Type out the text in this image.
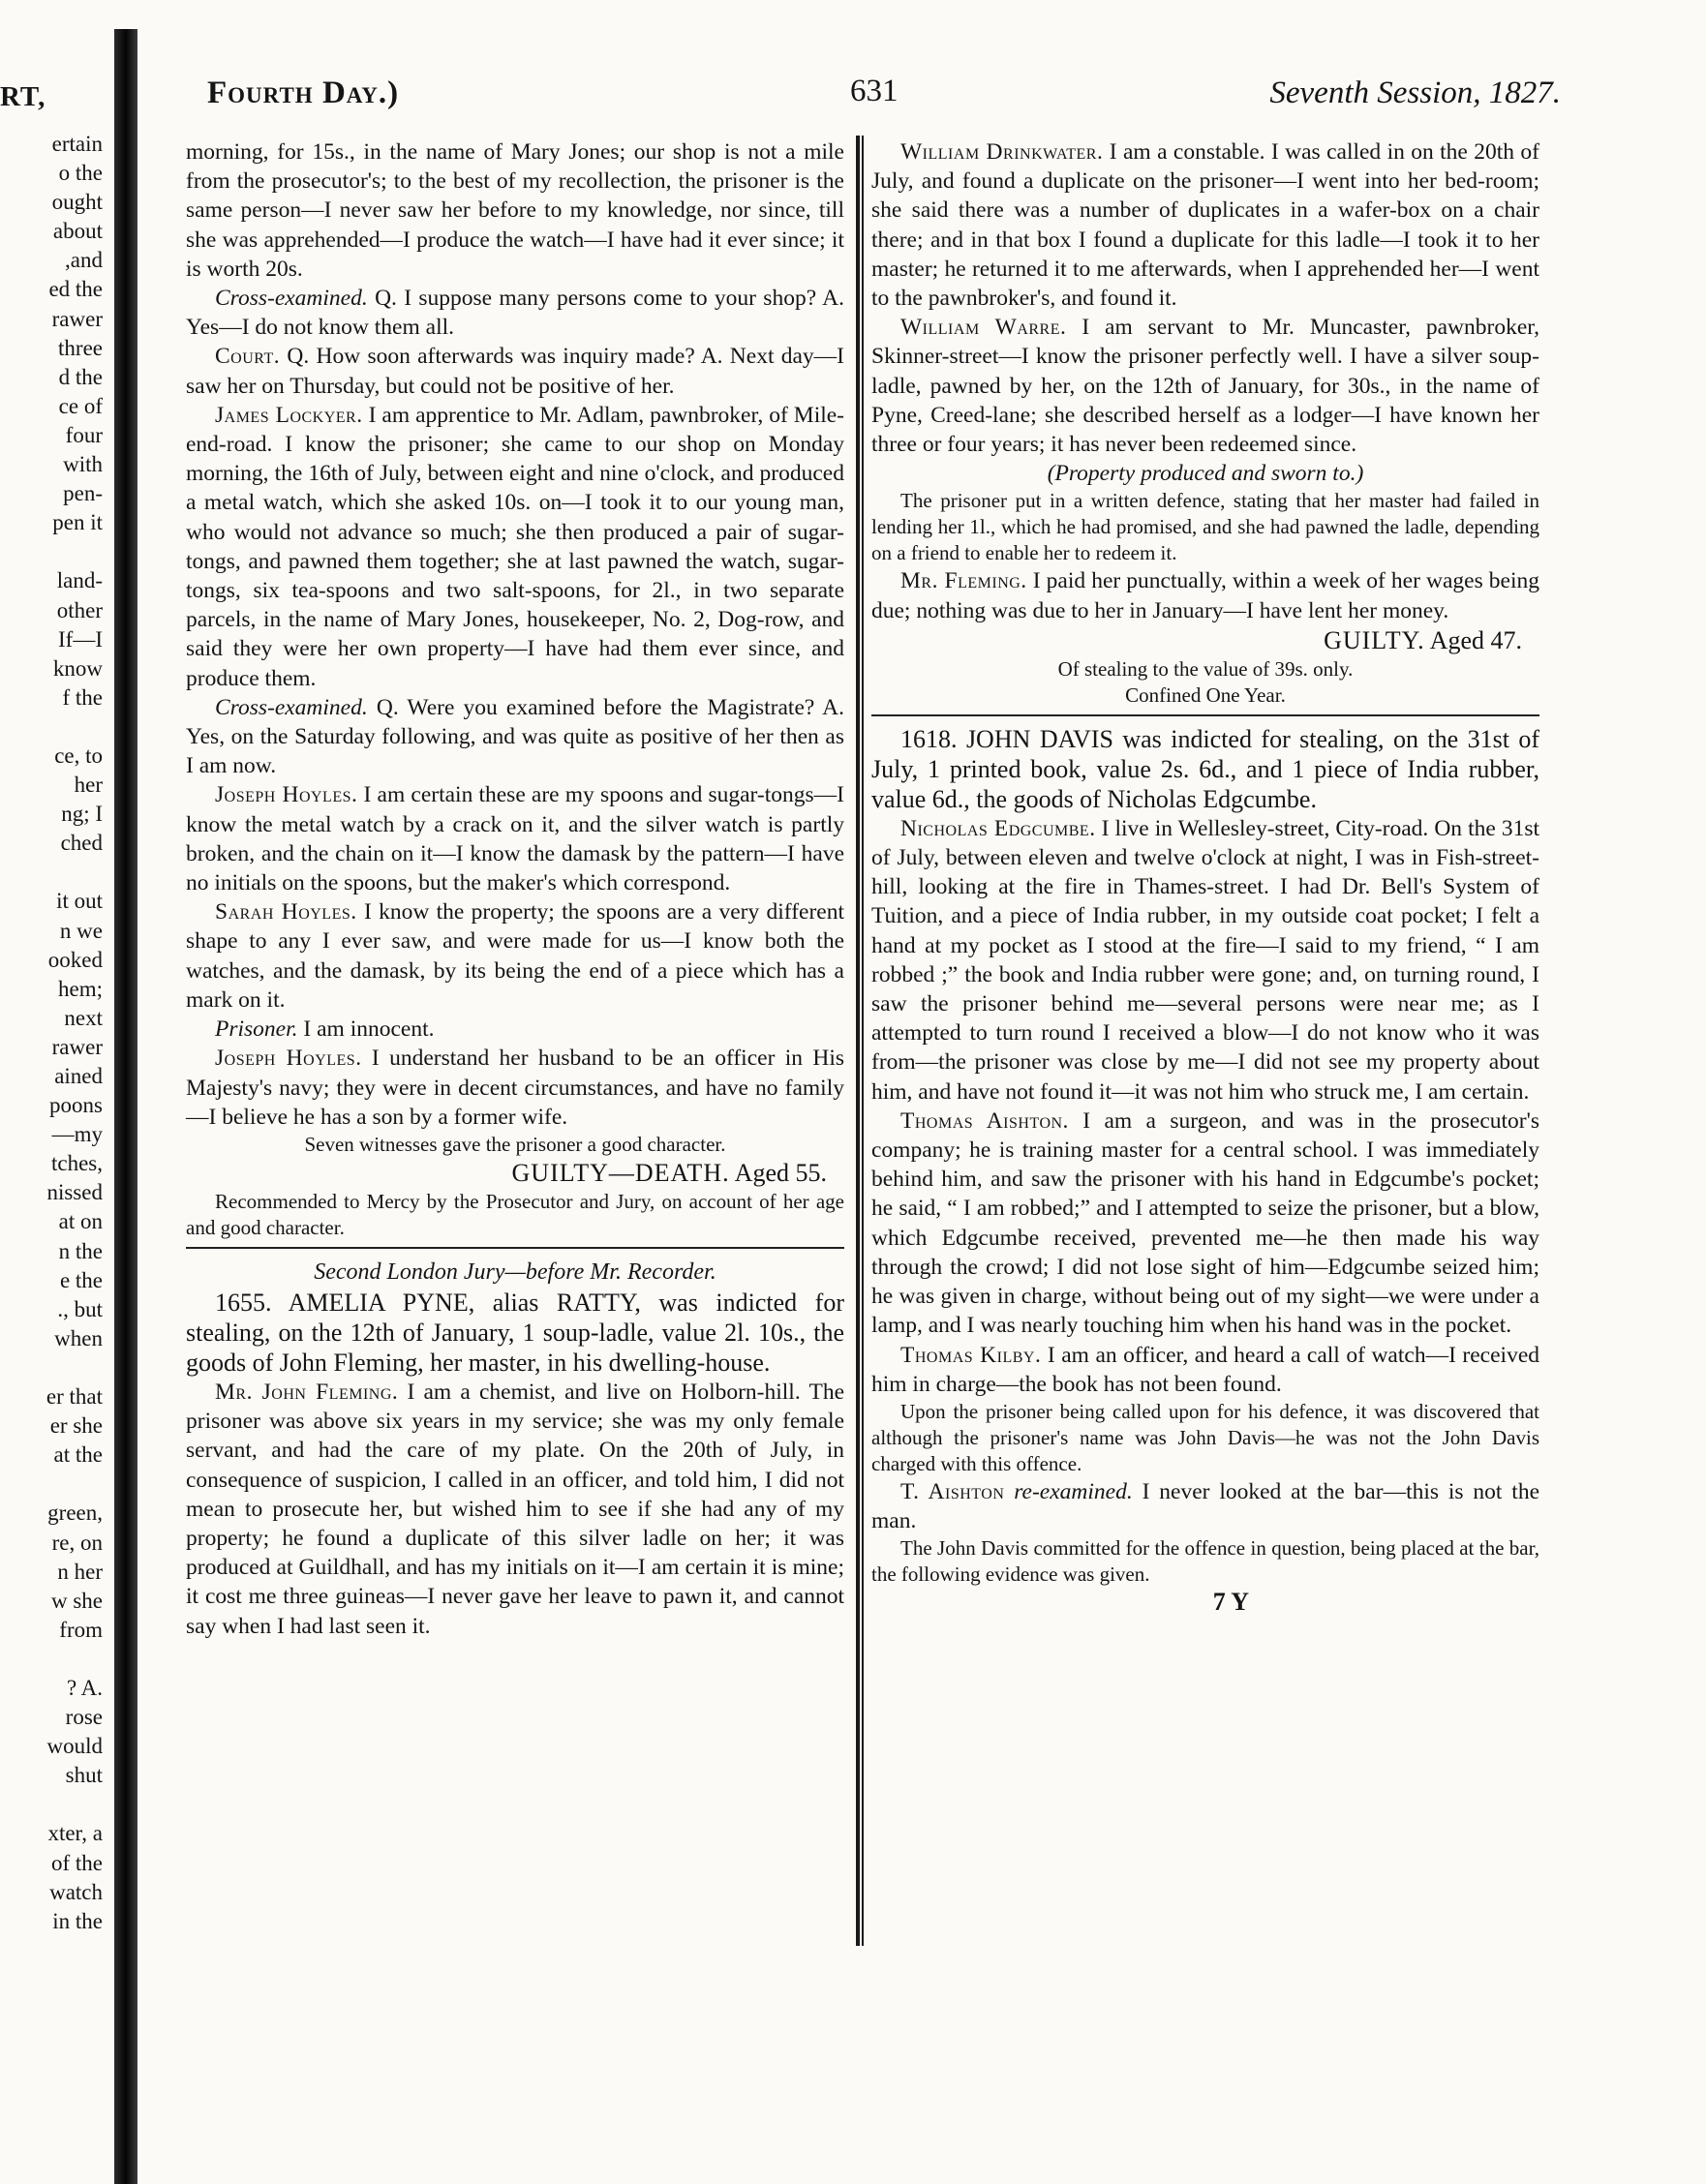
RT,
ertain
o the
ought
about
,and
ed the
rawer
three
d the
ce of
four
with
pen-
pen it
land-
other
If—I
know
f the
ce, to
her
ng; I
ched
it out
n we
ooked
hem;
next
rawer
ained
poons
—my
tches,
nissed
at on
n the
e the
., but
when
er that
er she
at the
green,
re, on
n her
w she
from
? A.
rose
would
shut
xter, a
of the
watch
in the
Fourth Day.)	631	Seventh Session, 1827.

morning, for 15s., in the name of Mary Jones; our shop is not a mile from the prosecutor's; to the best of my recollection, the prisoner is the same person—I never saw her before to my knowledge, nor since, till she was apprehended—I produce the watch—I have had it ever since; it is worth 20s.

Cross-examined. Q. I suppose many persons come to your shop? A. Yes—I do not know them all.

Court. Q. How soon afterwards was inquiry made? A. Next day—I saw her on Thursday, but could not be positive of her.

James Lockyer. I am apprentice to Mr. Adlam, pawnbroker, of Mile-end-road. I know the prisoner; she came to our shop on Monday morning, the 16th of July, between eight and nine o'clock, and produced a metal watch, which she asked 10s. on—I took it to our young man, who would not advance so much; she then produced a pair of sugar-tongs, and pawned them together; she at last pawned the watch, sugar-tongs, six tea-spoons and two salt-spoons, for 2l., in two separate parcels, in the name of Mary Jones, housekeeper, No. 2, Dog-row, and said they were her own property—I have had them ever since, and produce them.

Cross-examined. Q. Were you examined before the Magistrate? A. Yes, on the Saturday following, and was quite as positive of her then as I am now.

Joseph Hoyles. I am certain these are my spoons and sugar-tongs—I know the metal watch by a crack on it, and the silver watch is partly broken, and the chain on it—I know the damask by the pattern—I have no initials on the spoons, but the maker's which correspond.

Sarah Hoyles. I know the property; the spoons are a very different shape to any I ever saw, and were made for us—I know both the watches, and the damask, by its being the end of a piece which has a mark on it.

Prisoner. I am innocent.

Joseph Hoyles. I understand her husband to be an officer in His Majesty's navy; they were in decent circumstances, and have no family—I believe he has a son by a former wife.

Seven witnesses gave the prisoner a good character.

GUILTY—DEATH. Aged 55.

Recommended to Mercy by the Prosecutor and Jury, on account of her age and good character.

Second London Jury—before Mr. Recorder.

1655. AMELIA PYNE, alias RATTY, was indicted for stealing, on the 12th of January, 1 soup-ladle, value 2l. 10s., the goods of John Fleming, her master, in his dwelling-house.

Mr. John Fleming. I am a chemist, and live on Holborn-hill. The prisoner was above six years in my service; she was my only female servant, and had the care of my plate. On the 20th of July, in consequence of suspicion, I called in an officer, and told him, I did not mean to prosecute her, but wished him to see if she had any of my property; he found a duplicate of this silver ladle on her; it was produced at Guildhall, and has my initials on it—I am certain it is mine; it cost me three guineas—I never gave her leave to pawn it, and cannot say when I had last seen it.

William Drinkwater. I am a constable. I was called in on the 20th of July, and found a duplicate on the prisoner—I went into her bed-room; she said there was a number of duplicates in a wafer-box on a chair there; and in that box I found a duplicate for this ladle—I took it to her master; he returned it to me afterwards, when I apprehended her—I went to the pawnbroker's, and found it.

William Warre. I am servant to Mr. Muncaster, pawnbroker, Skinner-street—I know the prisoner perfectly well. I have a silver soup-ladle, pawned by her, on the 12th of January, for 30s., in the name of Pyne, Creed-lane; she described herself as a lodger—I have known her three or four years; it has never been redeemed since.

(Property produced and sworn to.)

The prisoner put in a written defence, stating that her master had failed in lending her 1l., which he had promised, and she had pawned the ladle, depending on a friend to enable her to redeem it.

Mr. Fleming. I paid her punctually, within a week of her wages being due; nothing was due to her in January—I have lent her money.

GUILTY. Aged 47.

Of stealing to the value of 39s. only.

Confined One Year.

1618. JOHN DAVIS was indicted for stealing, on the 31st of July, 1 printed book, value 2s. 6d., and 1 piece of India rubber, value 6d., the goods of Nicholas Edgcumbe.

Nicholas Edgcumbe. I live in Wellesley-street, City-road. On the 31st of July, between eleven and twelve o'clock at night, I was in Fish-street-hill, looking at the fire in Thames-street. I had Dr. Bell's System of Tuition, and a piece of India rubber, in my outside coat pocket; I felt a hand at my pocket as I stood at the fire—I said to my friend, “ I am robbed ;” the book and India rubber were gone; and, on turning round, I saw the prisoner behind me—several persons were near me; as I attempted to turn round I received a blow—I do not know who it was from—the prisoner was close by me—I did not see my property about him, and have not found it—it was not him who struck me, I am certain.

Thomas Aishton. I am a surgeon, and was in the prosecutor's company; he is training master for a central school. I was immediately behind him, and saw the prisoner with his hand in Edgcumbe's pocket; he said, “ I am robbed;” and I attempted to seize the prisoner, but a blow, which Edgcumbe received, prevented me—he then made his way through the crowd; I did not lose sight of him—Edgcumbe seized him; he was given in charge, without being out of my sight—we were under a lamp, and I was nearly touching him when his hand was in the pocket.

Thomas Kilby. I am an officer, and heard a call of watch—I received him in charge—the book has not been found.

Upon the prisoner being called upon for his defence, it was discovered that although the prisoner's name was John Davis—he was not the John Davis charged with this offence.

T. Aishton re-examined. I never looked at the bar—this is not the man.

The John Davis committed for the offence in question, being placed at the bar, the following evidence was given.

7 Y
